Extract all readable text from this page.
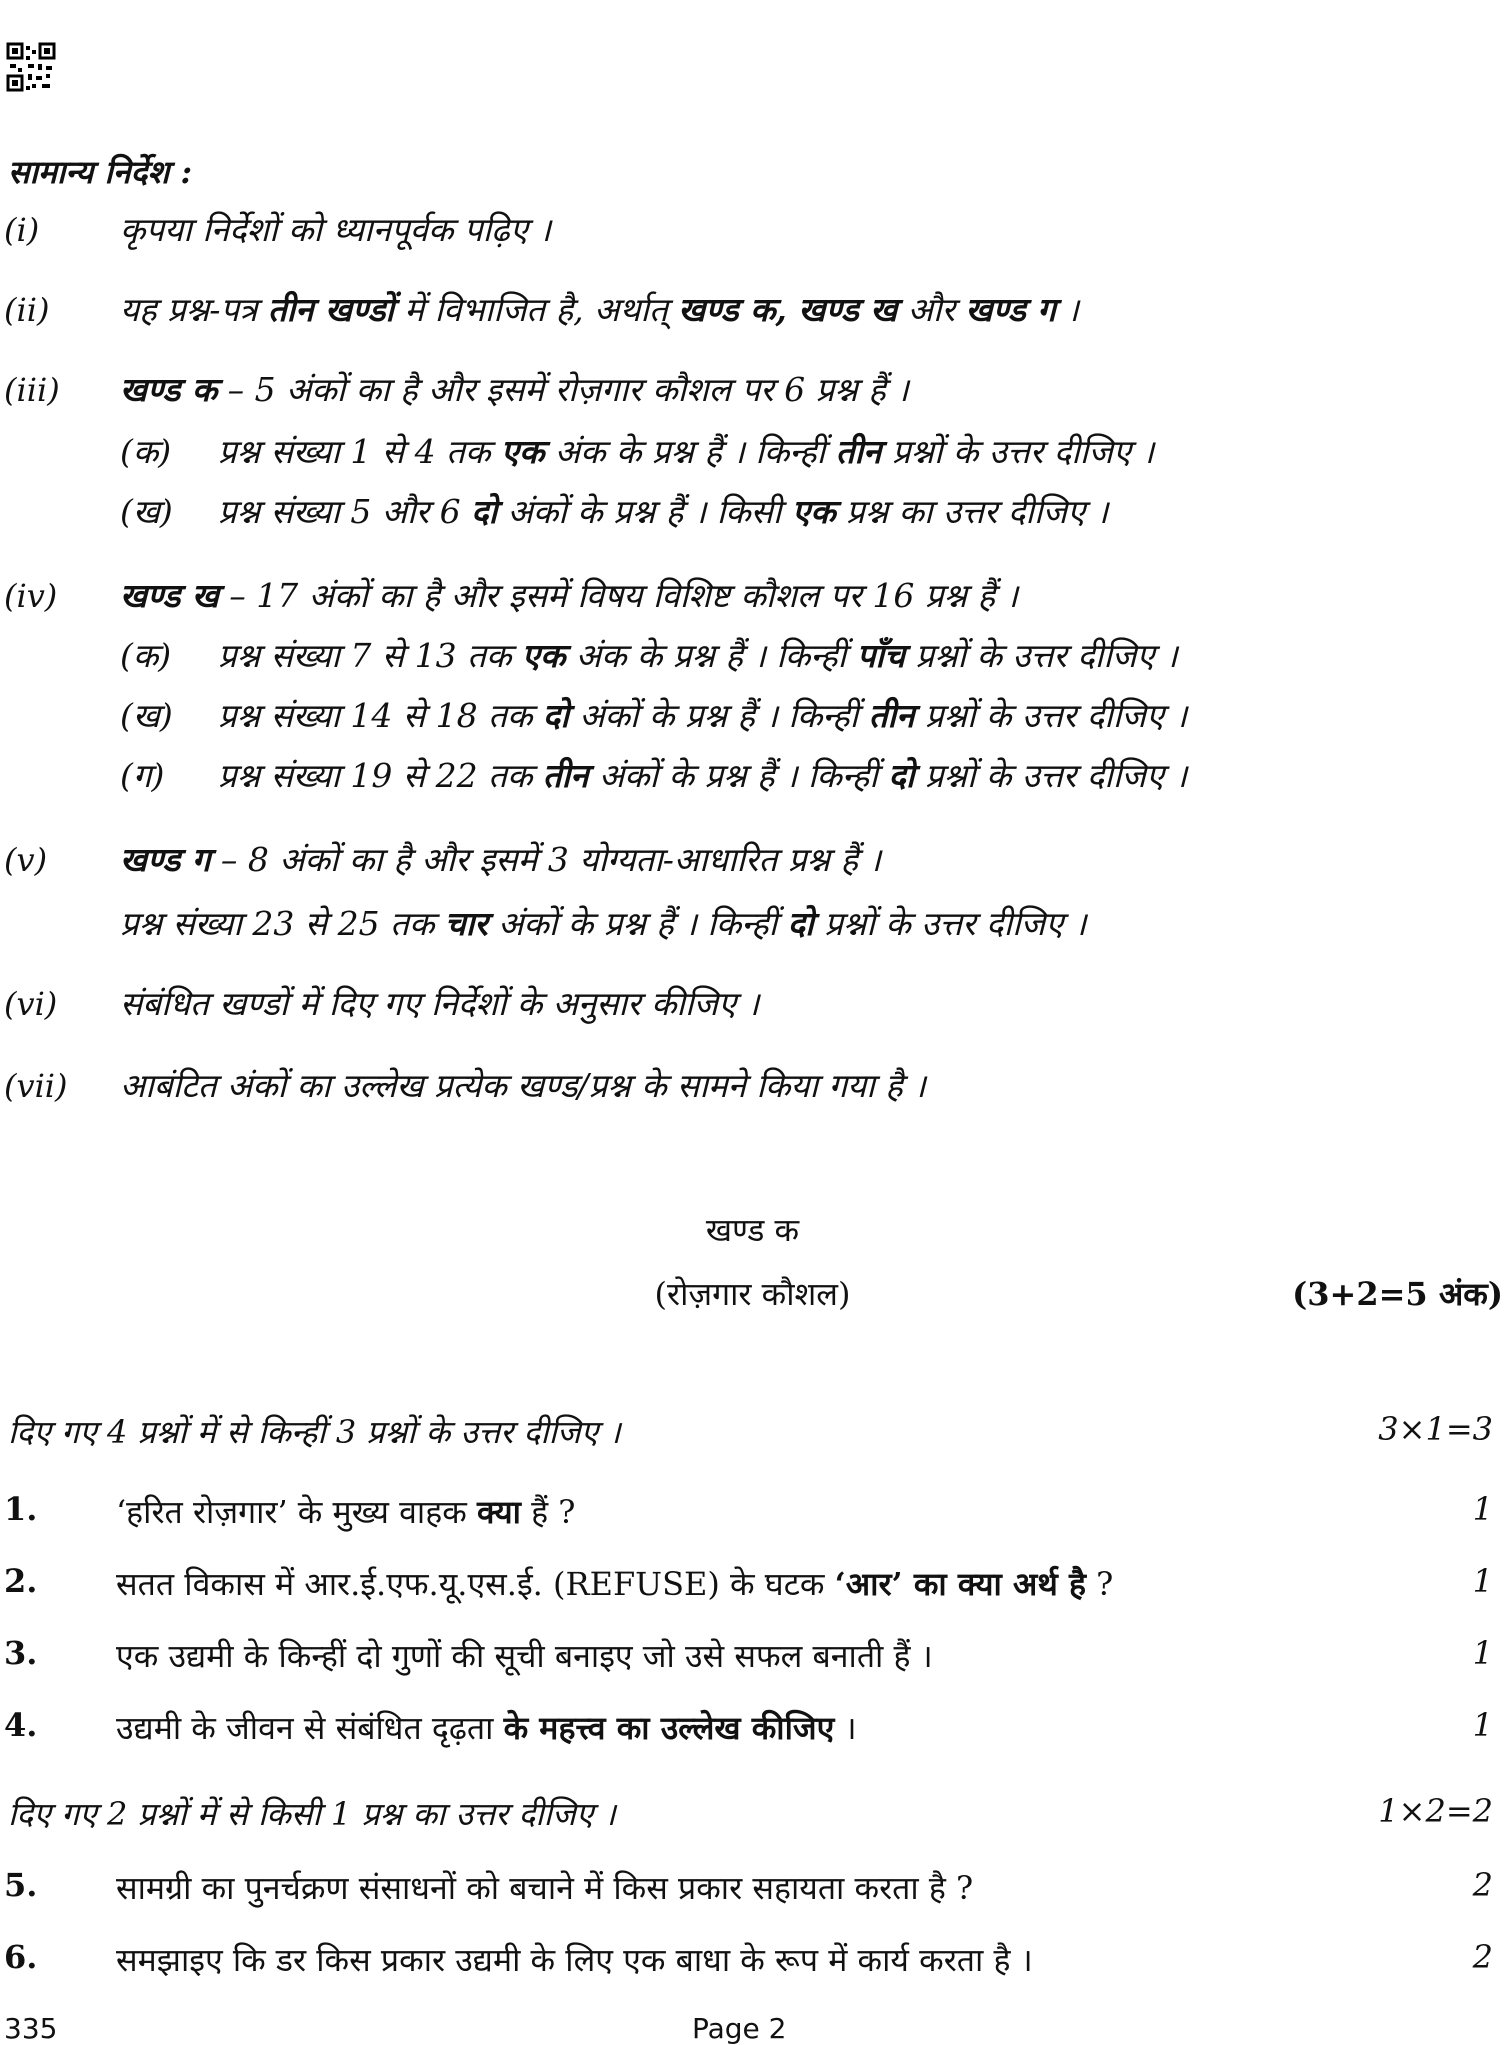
सामान्य निर्देश :
(i) कृपया निर्देशों को ध्यानपूर्वक पढ़िए ।
(ii) यह प्रश्न-पत्र तीन खण्डों में विभाजित है, अर्थात् खण्ड क, खण्ड ख और खण्ड ग ।
(iii) खण्ड क – 5 अंकों का है और इसमें रोज़गार कौशल पर 6 प्रश्न हैं ।
(क) प्रश्न संख्या 1 से 4 तक एक अंक के प्रश्न हैं । किन्हीं तीन प्रश्नों के उत्तर दीजिए ।
(ख) प्रश्न संख्या 5 और 6 दो अंकों के प्रश्न हैं । किसी एक प्रश्न का उत्तर दीजिए ।
(iv) खण्ड ख – 17 अंकों का है और इसमें विषय विशिष्ट कौशल पर 16 प्रश्न हैं ।
(क) प्रश्न संख्या 7 से 13 तक एक अंक के प्रश्न हैं । किन्हीं पाँच प्रश्नों के उत्तर दीजिए ।
(ख) प्रश्न संख्या 14 से 18 तक दो अंकों के प्रश्न हैं । किन्हीं तीन प्रश्नों के उत्तर दीजिए ।
(ग) प्रश्न संख्या 19 से 22 तक तीन अंकों के प्रश्न हैं । किन्हीं दो प्रश्नों के उत्तर दीजिए ।
(v) खण्ड ग – 8 अंकों का है और इसमें 3 योग्यता-आधारित प्रश्न हैं ।
प्रश्न संख्या 23 से 25 तक चार अंकों के प्रश्न हैं । किन्हीं दो प्रश्नों के उत्तर दीजिए ।
(vi) संबंधित खण्डों में दिए गए निर्देशों के अनुसार कीजिए ।
(vii) आबंटित अंकों का उल्लेख प्रत्येक खण्ड/प्रश्न के सामने किया गया है ।
खण्ड क
(रोज़गार कौशल)	(3+2=5 अंक)
दिए गए 4 प्रश्नों में से किन्हीं 3 प्रश्नों के उत्तर दीजिए ।	3×1=3
1. ‘हरित रोज़गार’ के मुख्य वाहक क्या हैं ?	1
2. सतत विकास में आर.ई.एफ.यू.एस.ई. (REFUSE) के घटक ‘आर’ का क्या अर्थ है ?	1
3. एक उद्यमी के किन्हीं दो गुणों की सूची बनाइए जो उसे सफल बनाती हैं ।	1
4. उद्यमी के जीवन से संबंधित दृढ़ता के महत्त्व का उल्लेख कीजिए ।	1
दिए गए 2 प्रश्नों में से किसी 1 प्रश्न का उत्तर दीजिए ।	1×2=2
5. सामग्री का पुनर्चक्रण संसाधनों को बचाने में किस प्रकार सहायता करता है ?	2
6. समझाइए कि डर किस प्रकार उद्यमी के लिए एक बाधा के रूप में कार्य करता है ।	2
335	Page 2
